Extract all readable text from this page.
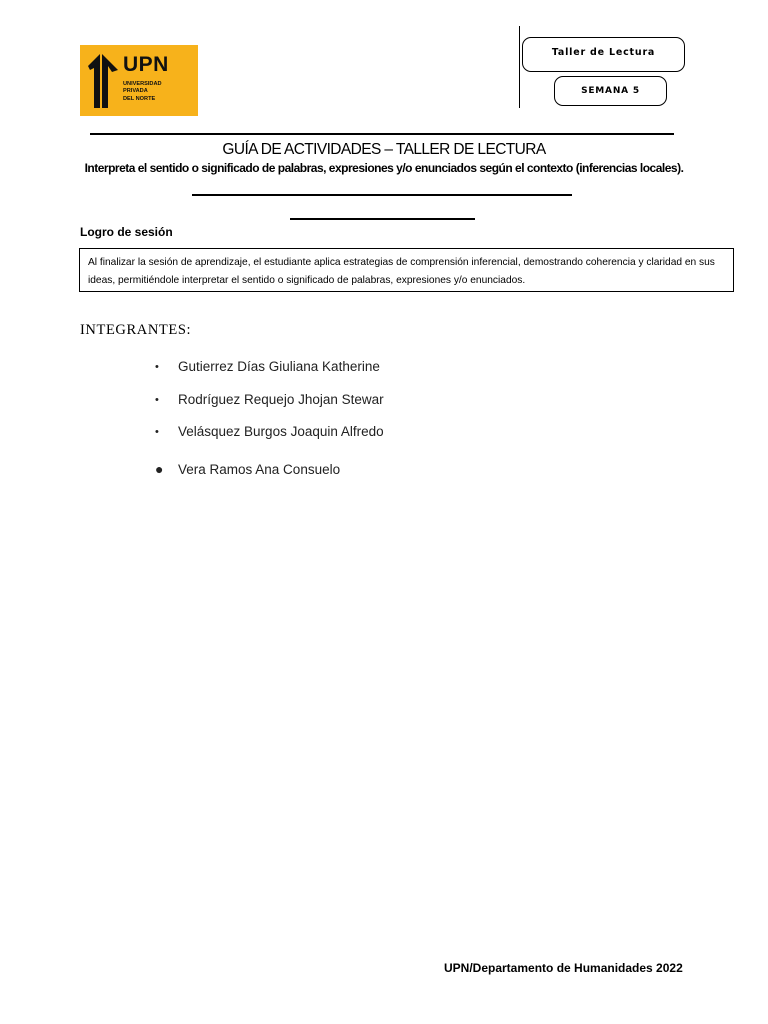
UPN
UNIVERSIDAD
PRIVADA
DEL NORTE
Taller de Lectura
SEMANA 5
GUÍA DE ACTIVIDADES – TALLER DE LECTURA
Interpreta el sentido o significado de palabras, expresiones y/o enunciados según el contexto (inferencias locales).
Logro de sesión
Al finalizar la sesión de aprendizaje, el estudiante aplica estrategias de comprensión inferencial, demostrando coherencia y claridad en sus ideas, permitiéndole interpretar el sentido o significado de palabras, expresiones y/o enunciados.
INTEGRANTES:
• Gutierrez Días Giuliana Katherine
• Rodríguez Requejo Jhojan Stewar
• Velásquez Burgos Joaquin Alfredo
● Vera Ramos Ana Consuelo
UPN/Departamento de Humanidades 2022
